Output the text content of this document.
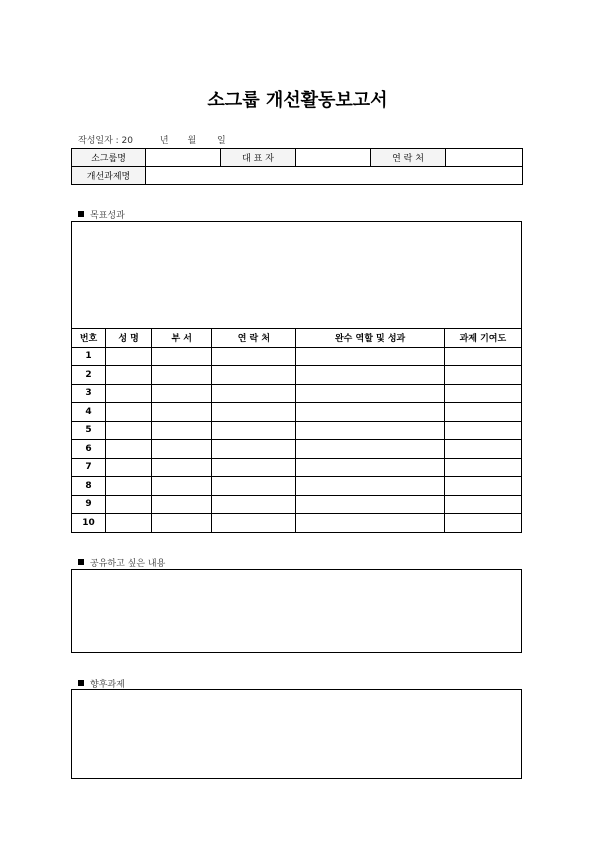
소그룹 개선활동보고서
작성일자 : 20	년 월 일
소그룹명		대 표 자		연 락 처	
개선과제명					
목표성과
번호	성 명	부 서	연 락 처	완수 역할 및 성과	과제 기여도
1					
2					
3					
4					
5					
6					
7					
8					
9					
10					
공유하고 싶은 내용
향후과제
